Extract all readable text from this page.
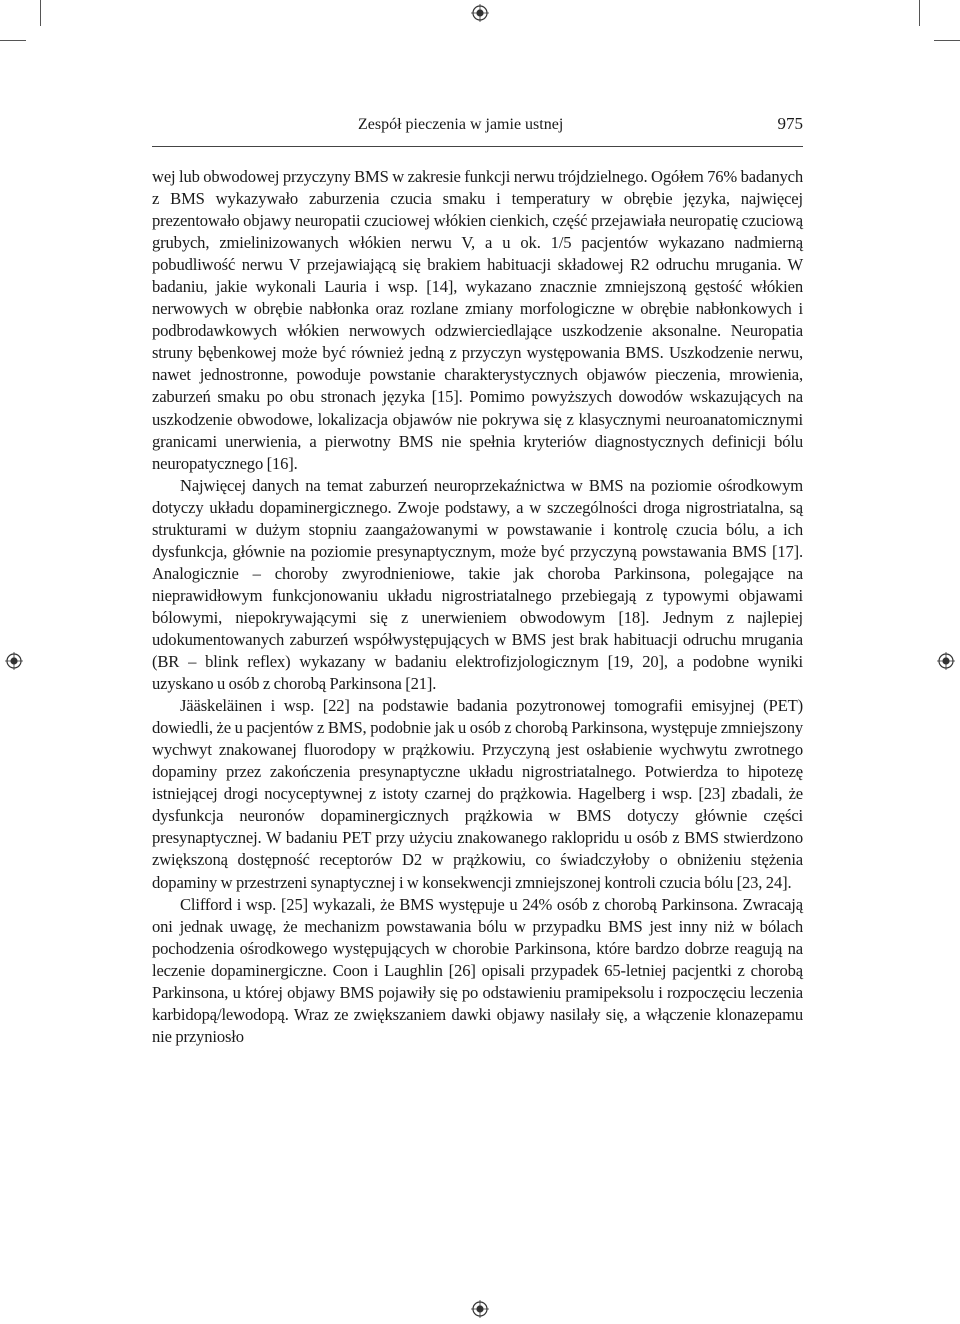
Zespół pieczenia w jamie ustnej	975

wej lub obwodowej przyczyny BMS w zakresie funkcji nerwu trójdzielnego. Ogółem 76% badanych z BMS wykazywało zaburzenia czucia smaku i temperatury w obrębie języka, najwięcej prezentowało objawy neuropatii czuciowej włókien cienkich, część przejawiała neuropatię czuciową grubych, zmielinizowanych włókien nerwu V, a u ok. 1/5 pacjentów wykazano nadmierną pobudliwość nerwu V przejawiającą się brakiem habituacji składowej R2 odruchu mrugania. W badaniu, jakie wykonali Lauria i wsp. [14], wykazano znacznie zmniejszoną gęstość włókien nerwowych w obrębie nabłonka oraz rozlane zmiany morfologiczne w obrębie nabłonkowych i podbrodawkowych włókien nerwowych odzwierciedlające uszkodzenie aksonalne. Neuropatia struny bębenkowej może być również jedną z przyczyn występowania BMS. Uszkodzenie nerwu, nawet jednostronne, powoduje powstanie charakterystycznych objawów pieczenia, mrowienia, zaburzeń smaku po obu stronach języka [15]. Pomimo powyższych dowodów wskazujących na uszkodzenie obwodowe, lokalizacja objawów nie pokrywa się z klasycznymi neuroanatomicznymi granicami unerwienia, a pierwotny BMS nie spełnia kryteriów diagnostycznych definicji bólu neuropatycznego [16].

Najwięcej danych na temat zaburzeń neuroprzekaźnictwa w BMS na poziomie ośrodkowym dotyczy układu dopaminergicznego. Zwoje podstawy, a w szczególności droga nigrostriatalna, są strukturami w dużym stopniu zaangażowanymi w powstawanie i kontrolę czucia bólu, a ich dysfunkcja, głównie na poziomie presynaptycznym, może być przyczyną powstawania BMS [17]. Analogicznie – choroby zwyrodnieniowe, takie jak choroba Parkinsona, polegające na nieprawidłowym funkcjonowaniu układu nigrostriatalnego przebiegają z typowymi objawami bólowymi, niepokrywającymi się z unerwieniem obwodowym [18]. Jednym z najlepiej udokumentowanych zaburzeń współwystępujących w BMS jest brak habituacji odruchu mrugania (BR – blink reflex) wykazany w badaniu elektrofizjologicznym [19, 20], a podobne wyniki uzyskano u osób z chorobą Parkinsona [21].

Jääskeläinen i wsp. [22] na podstawie badania pozytronowej tomografii emisyjnej (PET) dowiedli, że u pacjentów z BMS, podobnie jak u osób z chorobą Parkinsona, występuje zmniejszony wychwyt znakowanej fluorodopy w prążkowiu. Przyczyną jest osłabienie wychwytu zwrotnego dopaminy przez zakończenia presynaptyczne układu nigrostriatalnego. Potwierdza to hipotezę istniejącej drogi nocyceptywnej z istoty czarnej do prążkowia. Hagelberg i wsp. [23] zbadali, że dysfunkcja neuronów dopaminergicznych prążkowia w BMS dotyczy głównie części presynaptycznej. W badaniu PET przy użyciu znakowanego raklopridu u osób z BMS stwierdzono zwiększoną dostępność receptorów D2 w prążkowiu, co świadczyłoby o obniżeniu stężenia dopaminy w przestrzeni synaptycznej i w konsekwencji zmniejszonej kontroli czucia bólu [23, 24].

Clifford i wsp. [25] wykazali, że BMS występuje u 24% osób z chorobą Parkinsona. Zwracają oni jednak uwagę, że mechanizm powstawania bólu w przypadku BMS jest inny niż w bólach pochodzenia ośrodkowego występujących w chorobie Parkinsona, które bardzo dobrze reagują na leczenie dopaminergiczne. Coon i Laughlin [26] opisali przypadek 65-letniej pacjentki z chorobą Parkinsona, u której objawy BMS pojawiły się po odstawieniu pramipeksolu i rozpoczęciu leczenia karbidopą/lewodopą. Wraz ze zwiększaniem dawki objawy nasilały się, a włączenie klonazepamu nie przyniosło
